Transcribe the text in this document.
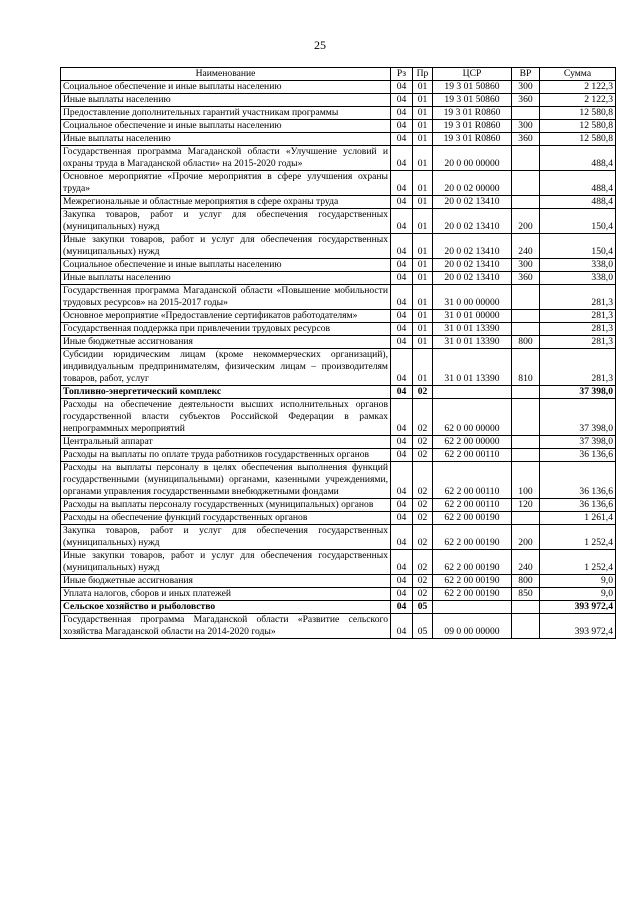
25
Наименование	Рз	Пр	ЦСР	ВР	Сумма
Социальное обеспечение и иные выплаты населению	04	01	19 3 01 50860	300	2 122,3
Иные выплаты населению	04	01	19 3 01 50860	360	2 122,3
Предоставление дополнительных гарантий участникам программы	04	01	19 3 01 R0860		12 580,8
Социальное обеспечение и иные выплаты населению	04	01	19 3 01 R0860	300	12 580,8
Иные выплаты населению	04	01	19 3 01 R0860	360	12 580,8
Государственная программа Магаданской области «Улучшение условий и охраны труда в Магаданской области» на 2015-2020 годы»	04	01	20 0 00 00000		488,4
Основное мероприятие «Прочие мероприятия в сфере улучшения охраны труда»	04	01	20 0 02 00000		488,4
Межрегиональные и областные мероприятия в сфере охраны труда	04	01	20 0 02 13410		488,4
Закупка товаров, работ и услуг для обеспечения государственных (муниципальных) нужд	04	01	20 0 02 13410	200	150,4
Иные закупки товаров, работ и услуг для обеспечения государственных (муниципальных) нужд	04	01	20 0 02 13410	240	150,4
Социальное обеспечение и иные выплаты населению	04	01	20 0 02 13410	300	338,0
Иные выплаты населению	04	01	20 0 02 13410	360	338,0
Государственная программа Магаданской области «Повышение мобильности трудовых ресурсов» на 2015-2017 годы»	04	01	31 0 00 00000		281,3
Основное мероприятие «Предоставление сертификатов работодателям»	04	01	31 0 01 00000		281,3
Государственная поддержка при привлечении трудовых ресурсов	04	01	31 0 01 13390		281,3
Иные бюджетные ассигнования	04	01	31 0 01 13390	800	281,3
Субсидии юридическим лицам (кроме некоммерческих организаций), индивидуальным предпринимателям, физическим лицам – производителям товаров, работ, услуг	04	01	31 0 01 13390	810	281,3
Топливно-энергетический комплекс	04	02			37 398,0
Расходы на обеспечение деятельности высших исполнительных органов государственной власти субъектов Российской Федерации в рамках непрограммных мероприятий	04	02	62 0 00 00000		37 398,0
Центральный аппарат	04	02	62 2 00 00000		37 398,0
Расходы на выплаты по оплате труда работников государственных органов	04	02	62 2 00 00110		36 136,6
Расходы на выплаты персоналу в целях обеспечения выполнения функций государственными (муниципальными) органами, казенными учреждениями, органами управления государственными внебюджетными фондами	04	02	62 2 00 00110	100	36 136,6
Расходы на выплаты персоналу государственных (муниципальных) органов	04	02	62 2 00 00110	120	36 136,6
Расходы на обеспечение функций государственных органов	04	02	62 2 00 00190		1 261,4
Закупка товаров, работ и услуг для обеспечения государственных (муниципальных) нужд	04	02	62 2 00 00190	200	1 252,4
Иные закупки товаров, работ и услуг для обеспечения государственных (муниципальных) нужд	04	02	62 2 00 00190	240	1 252,4
Иные бюджетные ассигнования	04	02	62 2 00 00190	800	9,0
Уплата налогов, сборов и иных платежей	04	02	62 2 00 00190	850	9,0
Сельское хозяйство и рыболовство	04	05			393 972,4
Государственная программа Магаданской области «Развитие сельского хозяйства Магаданской области на 2014-2020 годы»	04	05	09 0 00 00000		393 972,4
